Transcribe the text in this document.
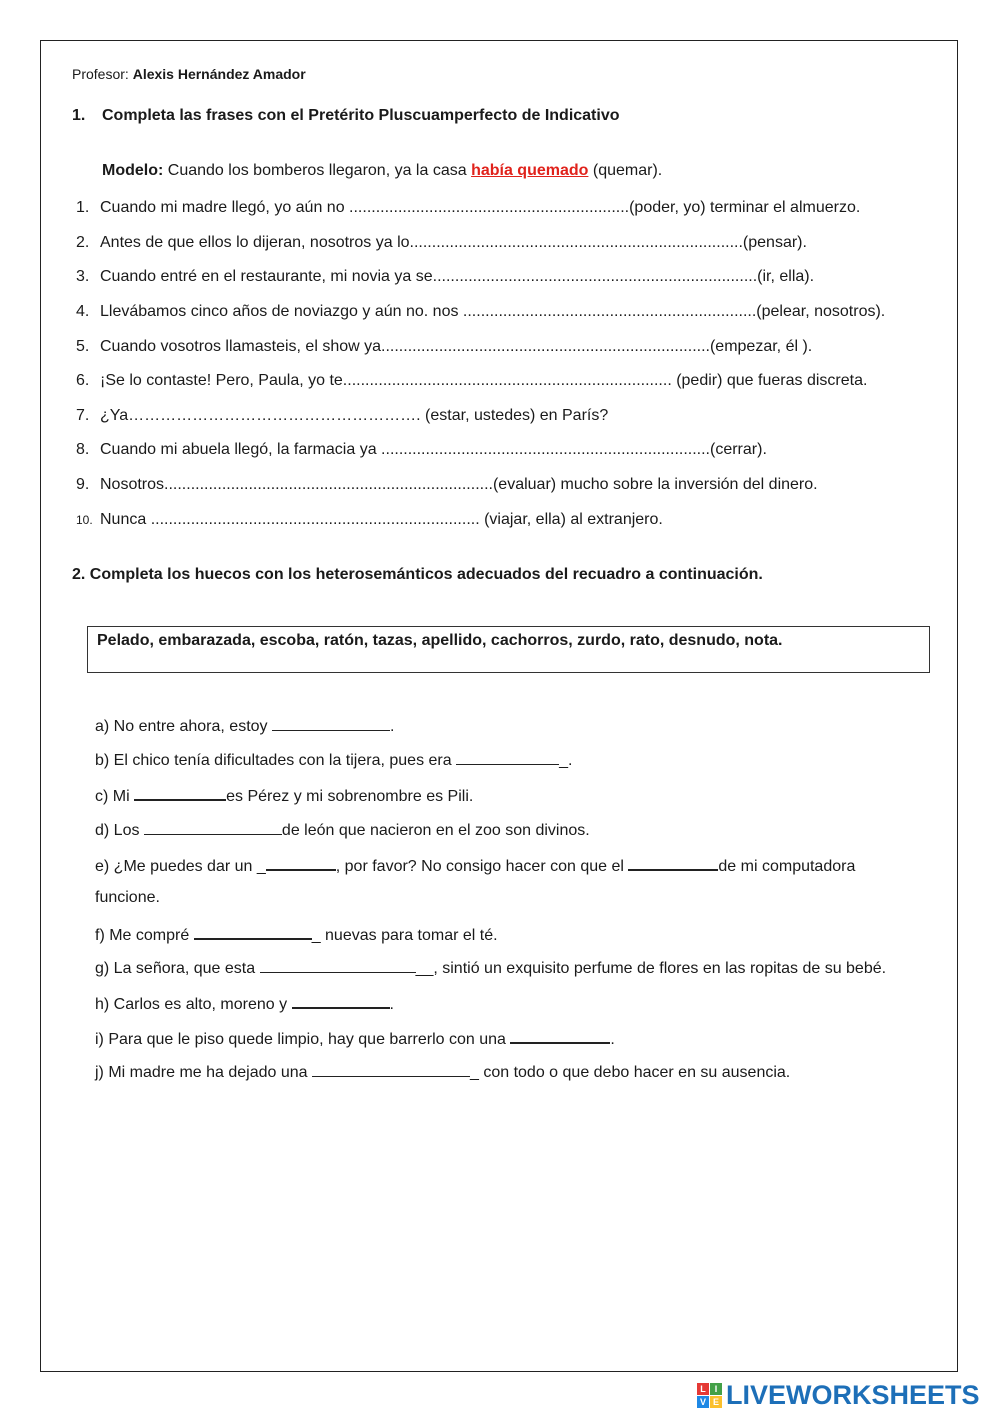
Profesor: Alexis Hernández Amador
1. Completa las frases con el Pretérito Pluscuamperfecto de Indicativo
Modelo: Cuando los bomberos llegaron, ya la casa había quemado (quemar).
1. Cuando mi madre llegó, yo aún no ...............................................................(poder, yo) terminar el almuerzo.
2. Antes de que ellos lo dijeran, nosotros ya lo...........................................................................(pensar).
3. Cuando entré en el restaurante, mi novia ya se.........................................................................(ir, ella).
4. Llevábamos cinco años de noviazgo y aún no. nos ..................................................................(pelear, nosotros).
5. Cuando vosotros llamasteis, el show ya..........................................................................(empezar, él ).
6. ¡Se lo contaste! Pero, Paula, yo te.......................................................................... (pedir) que fueras discreta.
7. ¿Ya………………………………………………. (estar, ustedes) en París?
8. Cuando mi abuela llegó, la farmacia ya ..........................................................................(cerrar).
9. Nosotros..........................................................................(evaluar) mucho sobre la inversión del dinero.
10. Nunca .......................................................................... (viajar, ella) al extranjero.
2. Completa los huecos con los heterosemánticos adecuados del recuadro a continuación.
Pelado, embarazada, escoba, ratón, tazas, apellido, cachorros, zurdo, rato, desnudo, nota.
a) No entre ahora, estoy	.
b) El chico tenía dificultades con la tijera, pues era	_.
c) Mi	es Pérez y mi sobrenombre es Pili.
d) Los	de león que nacieron en el zoo son divinos.
e) ¿Me puedes dar un _	, por favor? No consigo hacer con que el	de mi computadora
funcione.
f) Me compré	_ nuevas para tomar el té.
g) La señora, que esta	__, sintió un exquisito perfume de flores en las ropitas de su bebé.
h) Carlos es alto, moreno y	.
i) Para que le piso quede limpio, hay que barrerlo con una	.
j) Mi madre me ha dejado una	_ con todo o que debo hacer en su ausencia.
L I
V E LIVEWORKSHEETS
